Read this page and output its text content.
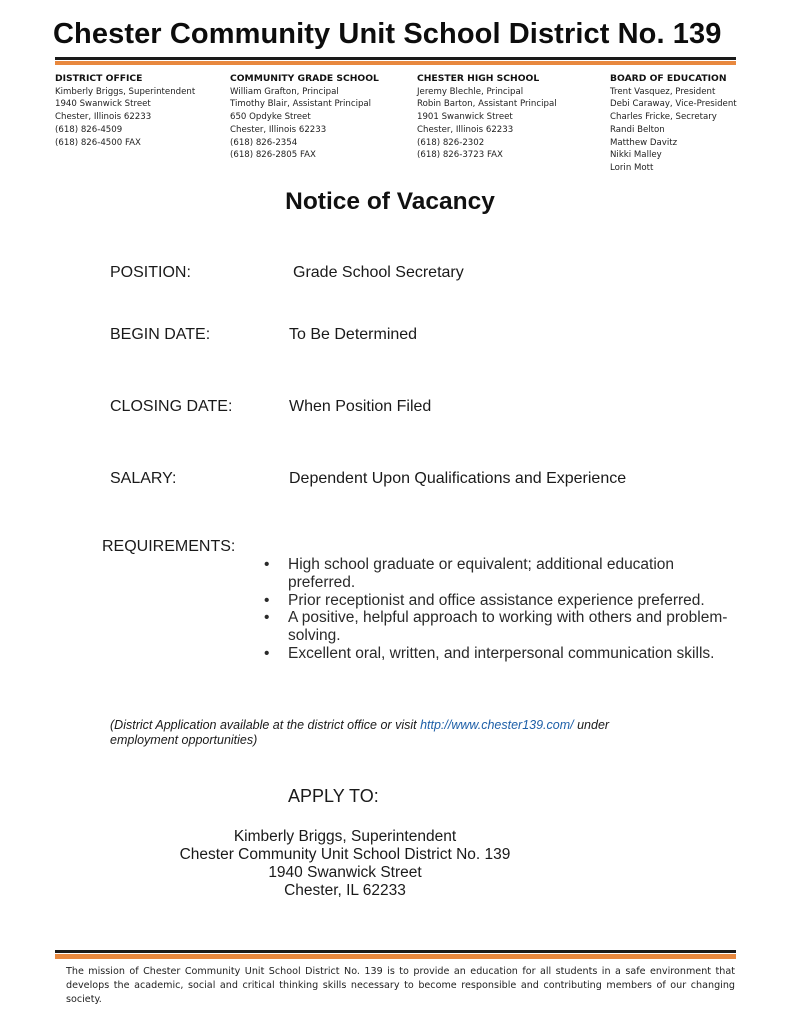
Chester Community Unit School District No. 139
DISTRICT OFFICE
Kimberly Briggs, Superintendent
1940 Swanwick Street
Chester, Illinois 62233
(618) 826-4509
(618) 826-4500 FAX
COMMUNITY GRADE SCHOOL
William Grafton, Principal
Timothy Blair, Assistant Principal
650 Opdyke Street
Chester, Illinois 62233
(618) 826-2354
(618) 826-2805 FAX
CHESTER HIGH SCHOOL
Jeremy Blechle, Principal
Robin Barton, Assistant Principal
1901 Swanwick Street
Chester, Illinois 62233
(618) 826-2302
(618) 826-3723 FAX
BOARD OF EDUCATION
Trent Vasquez, President
Debi Caraway, Vice-President
Charles Fricke, Secretary
Randi Belton
Matthew Davitz
Nikki Malley
Lorin Mott
Notice of Vacancy
POSITION:	Grade School Secretary
BEGIN DATE:	To Be Determined
CLOSING DATE:	When Position Filed
SALARY:	Dependent Upon Qualifications and Experience
REQUIREMENTS:
• High school graduate or equivalent; additional education preferred.
• Prior receptionist and office assistance experience preferred.
• A positive, helpful approach to working with others and problem-solving.
• Excellent oral, written, and interpersonal communication skills.
(District Application available at the district office or visit http://www.chester139.com/ under employment opportunities)
APPLY TO:
Kimberly Briggs, Superintendent
Chester Community Unit School District No. 139
1940 Swanwick Street
Chester, IL 62233
The mission of Chester Community Unit School District No. 139 is to provide an education for all students in a safe environment that develops the academic, social and critical thinking skills necessary to become responsible and contributing members of our changing society.
